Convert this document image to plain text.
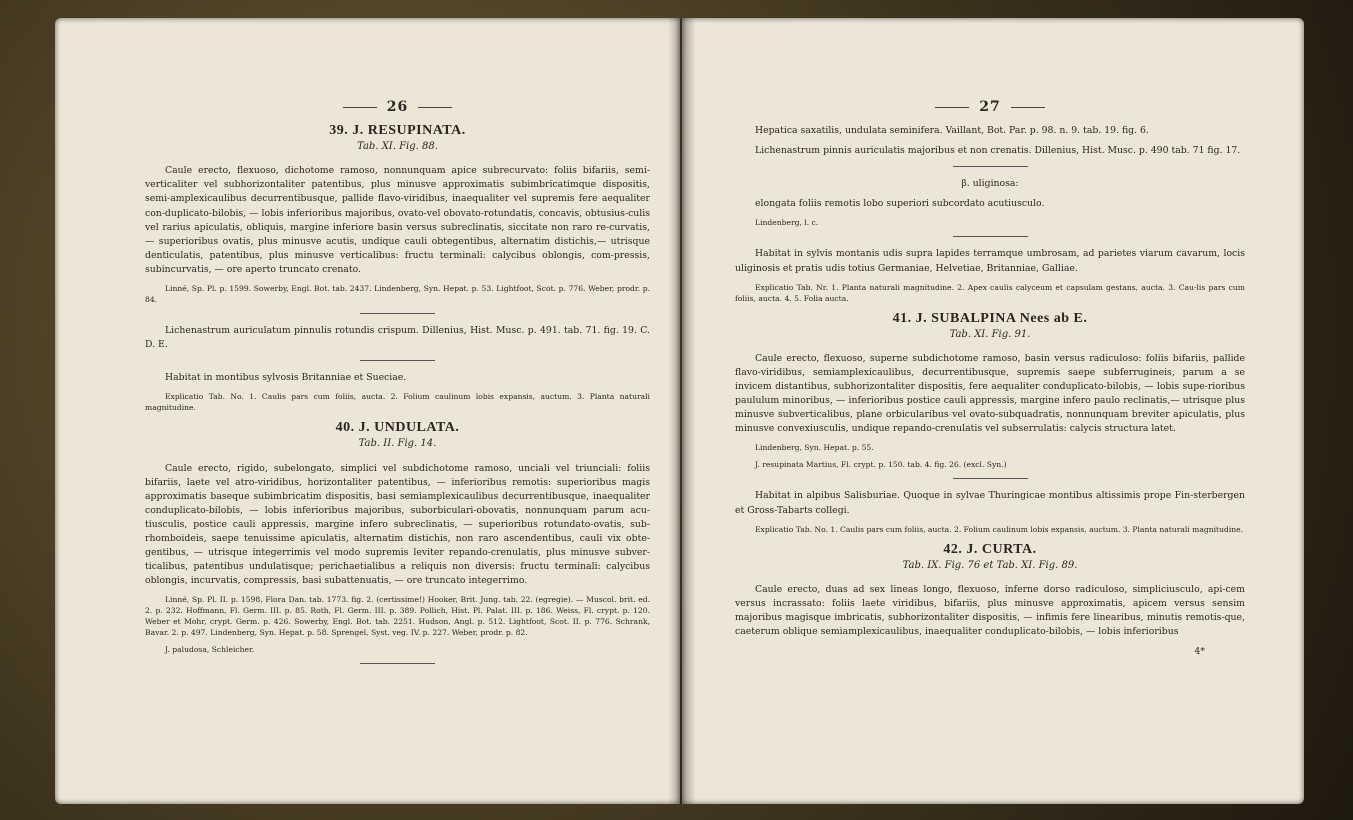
26
39. J. RESUPINATA.
Tab. XI. Fig. 88.

Caule erecto, flexuoso, dichotome ramoso, nonnunquam apice subrecurvato: foliis bifariis, semi-verticaliter vel subhorizontaliter patentibus, plus minusve approximatis subimbricatimque dispositis, semi-amplexicaulibus decurrentibusque, pallide flavo-viridibus, inaequaliter vel supremis fere aequaliter con-duplicato-bilobis, — lobis inferioribus majoribus, ovato-vel obovato-rotundatis, concavis, obtusius-culis vel rarius apiculatis, obliquis, margine inferiore basin versus subreclinatis, siccitate non raro re-curvatis, — superioribus ovatis, plus minusve acutis, undique cauli obtegentibus, alternatim distichis,— utrisque denticulatis, patentibus, plus minusve verticalibus: fructu terminali: calycibus oblongis, com-pressis, subincurvatis, — ore aperto truncato crenato.

Linné, Sp. Pl. p. 1599. Sowerby, Engl. Bot. tab. 2437. Lindenberg, Syn. Hepat. p. 53. Lightfoot, Scot. p. 776. Weber, prodr. p. 84.

Lichenastrum auriculatum pinnulis rotundis crispum. Dillenius, Hist. Musc. p. 491. tab. 71. fig. 19. C. D. E.

Habitat in montibus sylvosis Britanniae et Sueciae.

Explicatio Tab. No. 1. Caulis pars cum foliis, aucta. 2. Folium caulinum lobis expansis, auctum. 3. Planta naturali magnitudine.

40. J. UNDULATA.
Tab. II. Fig. 14.

Caule erecto, rigido, subelongato, simplici vel subdichotome ramoso, unciali vel triunciali: foliis bifariis, laete vel atro-viridibus, horizontaliter patentibus, — inferioribus remotis: superioribus magis approximatis baseque subimbricatim dispositis, basi semiamplexicaulibus decurrentibusque, inaequaliter conduplicato-bilobis, — lobis inferioribus majoribus, suborbiculari-obovatis, nonnunquam parum acu-tiusculis, postice cauli appressis, margine infero subreclinatis, — superioribus rotundato-ovatis, sub-rhomboideis, saepe tenuissime apiculatis, alternatim distichis, non raro ascendentibus, cauli vix obte-gentibus, — utrisque integerrimis vel modo supremis leviter repando-crenulatis, plus minusve subver-ticalibus, patentibus undulatisque; perichaetialibus a reliquis non diversis: fructu terminali: calycibus oblongis, incurvatis, compressis, basi subattenuatis, — ore truncato integerrimo.

Linné, Sp. Pl. II. p. 1598. Flora Dan. tab. 1773. fig. 2. (certissime!) Hooker, Brit. Jung. tab. 22. (egregie). — Muscol. brit. ed. 2. p. 232. Hoffmann, Fl. Germ. III. p. 85. Roth, Fl. Germ. III. p. 389. Pollich, Hist. Pl. Palat. III. p. 186. Weiss, Fl. crypt. p. 120. Weber et Mohr, crypt. Germ. p. 426. Sowerby, Engl. Bot. tab. 2251. Hudson, Angl. p. 512. Lightfoot, Scot. II. p. 776. Schrank, Bavar. 2. p. 497. Lindenberg, Syn. Hepat. p. 58. Sprengel, Syst. veg. IV. p. 227. Weber, prodr. p. 82.

J. paludosa, Schleicher.

27

Hepatica saxatilis, undulata seminifera. Vaillant, Bot. Par. p. 98. n. 9. tab. 19. fig. 6.

Lichenastrum pinnis auriculatis majoribus et non crenatis. Dillenius, Hist. Musc. p. 490 tab. 71 fig. 17.

β. uliginosa:

elongata foliis remotis lobo superiori subcordato acutiusculo.

Lindenberg, l. c.

Habitat in sylvis montanis udis supra lapides terramque umbrosam, ad parietes viarum cavarum, locis uliginosis et pratis udis totius Germaniae, Helvetiae, Britanniae, Galliae.

Explicatio Tab. Nr. 1. Planta naturali magnitudine. 2. Apex caulis calyceum et capsulam gestans, aucta. 3. Cau-lis pars cum foliis, aucta. 4. 5. Folia aucta.

41. J. SUBALPINA Nees ab E.
Tab. XI. Fig. 91.

Caule erecto, flexuoso, superne subdichotome ramoso, basin versus radiculoso: foliis bifariis, pallide flavo-viridibus, semiamplexicaulibus, decurrentibusque, supremis saepe subferrugineis, parum a se invicem distantibus, subhorizontaliter dispositis, fere aequaliter conduplicato-bilobis, — lobis supe-rioribus paululum minoribus, — inferioribus postice cauli appressis, margine infero paulo reclinatis,— utrisque plus minusve subverticalibus, plane orbicularibus vel ovato-subquadratis, nonnunquam breviter apiculatis, plus minusve convexiusculis, undique repando-crenulatis vel subserrulatis: calycis structura latet.

Lindenberg, Syn. Hepat. p. 55.

J. resupinata Martius, Fl. crypt. p. 150. tab. 4. fig. 26. (excl. Syn.)

Habitat in alpibus Salisburiae. Quoque in sylvae Thuringicae montibus altissimis prope Fin-sterbergen et Gross-Tabarts collegi.

Explicatio Tab. No. 1. Caulis pars cum foliis, aucta. 2. Folium caulinum lobis expansis, auctum. 3. Planta naturali magnitudine.

42. J. CURTA.
Tab. IX. Fig. 76 et Tab. XI. Fig. 89.

Caule erecto, duas ad sex lineas longo, flexuoso, inferne dorso radiculoso, simpliciusculo, api-cem versus incrassato: foliis laete viridibus, bifariis, plus minusve approximatis, apicem versus sensim majoribus magisque imbricatis, subhorizontaliter dispositis, — infimis fere linearibus, minutis remotis-que, caeterum oblique semiamplexicaulibus, inaequaliter conduplicato-bilobis, — lobis inferioribus

4*
